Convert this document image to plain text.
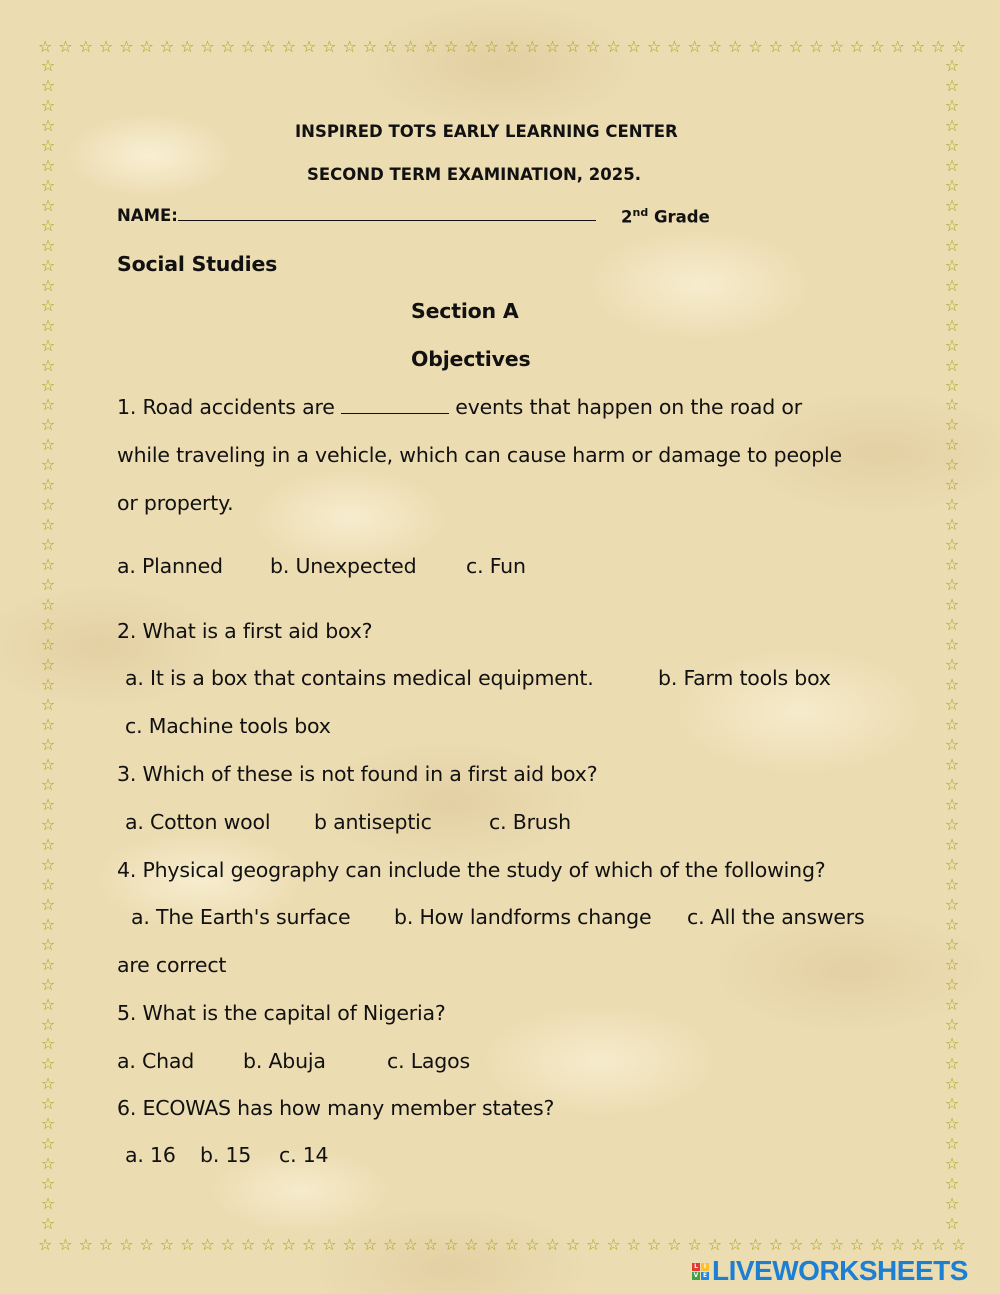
☆ ☆ ☆ ☆ ☆ ☆ ☆ ☆ ☆ ☆ ☆ ☆ ☆ ☆ ☆ ☆ ☆ ☆ ☆ ☆ ☆ ☆ ☆ ☆ ☆ ☆ ☆ ☆ ☆ ☆ ☆ ☆ ☆ ☆ ☆ ☆ ☆ ☆ ☆ ☆ ☆ ☆ ☆ ☆ ☆ ☆
☆ ☆ ☆ ☆ ☆ ☆ ☆ ☆ ☆ ☆ ☆ ☆ ☆ ☆ ☆ ☆ ☆ ☆ ☆ ☆ ☆ ☆ ☆ ☆ ☆ ☆ ☆ ☆ ☆ ☆ ☆ ☆ ☆ ☆ ☆ ☆ ☆ ☆ ☆ ☆ ☆ ☆ ☆ ☆ ☆ ☆
☆
☆
☆
☆
☆
☆
☆
☆
☆
☆
☆
☆
☆
☆
☆
☆
☆
☆
☆
☆
☆
☆
☆
☆
☆
☆
☆
☆
☆
☆
☆
☆
☆
☆
☆
☆
☆
☆
☆
☆
☆
☆
☆
☆
☆
☆
☆
☆
☆
☆
☆
☆
☆
☆
☆
☆
☆
☆
☆
☆
☆
☆
☆
☆
☆
☆
☆
☆
☆
☆
☆
☆
☆
☆
☆
☆
☆
☆
☆
☆
☆
☆
☆
☆
☆
☆
☆
☆
☆
☆
☆
☆
☆
☆
☆
☆
☆
☆
☆
☆
☆
☆
☆
☆
☆
☆
☆
☆
☆
☆
☆
☆
☆
☆
☆
☆
☆
☆
INSPIRED TOTS EARLY LEARNING CENTER
SECOND TERM EXAMINATION, 2025.
NAME:	2nd Grade
Social Studies
Section A
Objectives
1. Road accidents are	events that happen on the road or
while traveling in a vehicle, which can cause harm or damage to people
or property.
a. Planned b. Unexpected c. Fun
2. What is a first aid box?
a. It is a box that contains medical equipment.	b. Farm tools box
c. Machine tools box
3. Which of these is not found in a first aid box?
a. Cotton wool b antiseptic	c. Brush
4. Physical geography can include the study of which of the following?
a. The Earth's surface b. How landforms change c. All the answers
are correct
5. What is the capital of Nigeria?
a. Chad b. Abuja	c. Lagos
6. ECOWAS has how many member states?
a. 16 b. 15 c. 14
L I
V E LIVEWORKSHEETS
